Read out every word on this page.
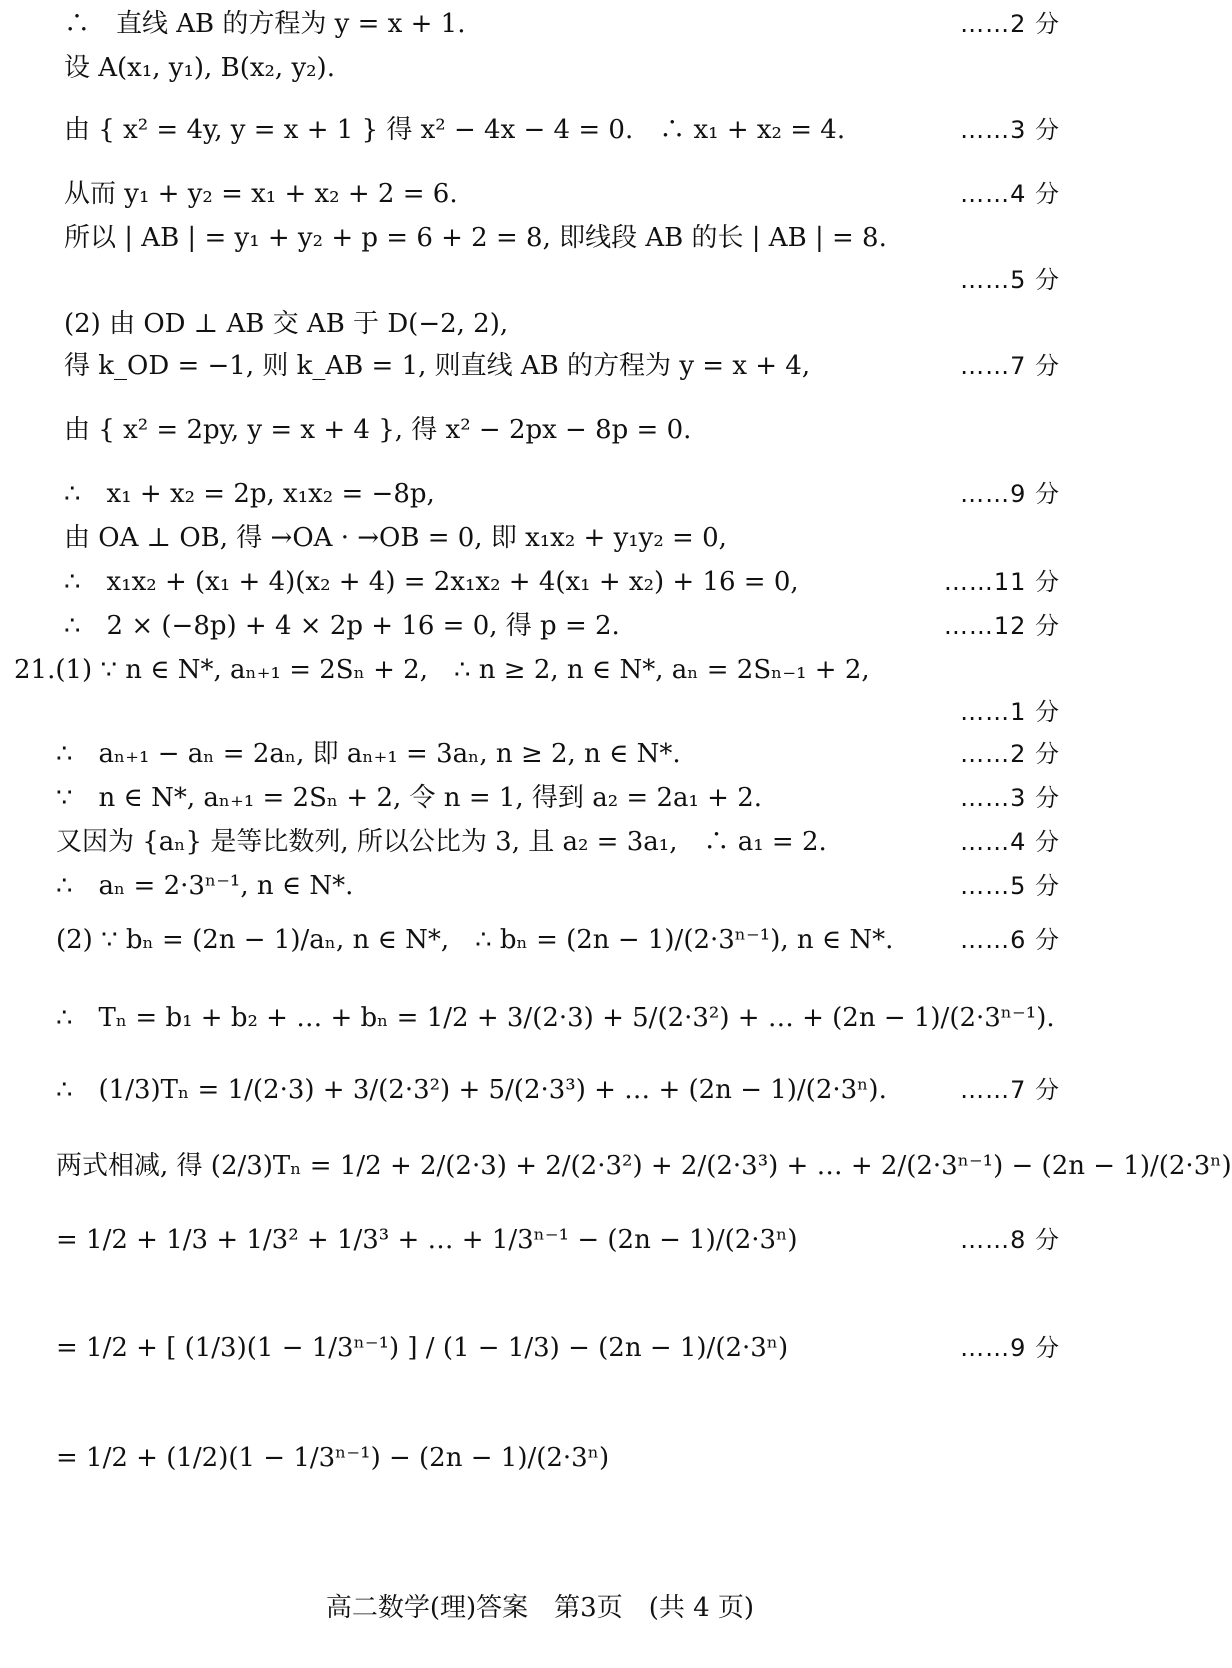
∴　直线 AB 的方程为 y = x + 1.	……2 分
设 A(x₁, y₁), B(x₂, y₂).
由 { x² = 4y, y = x + 1 } 得 x² − 4x − 4 = 0.　∴ x₁ + x₂ = 4.	……3 分
从而 y₁ + y₂ = x₁ + x₂ + 2 = 6.	……4 分
所以 | AB | = y₁ + y₂ + p = 6 + 2 = 8, 即线段 AB 的长 | AB | = 8.
……5 分
(2) 由 OD ⊥ AB 交 AB 于 D(−2, 2),
得 k_OD = −1, 则 k_AB = 1, 则直线 AB 的方程为 y = x + 4,	……7 分
由 { x² = 2py, y = x + 4 }, 得 x² − 2px − 8p = 0.
∴　x₁ + x₂ = 2p, x₁x₂ = −8p,	……9 分
由 OA ⊥ OB, 得 →OA · →OB = 0, 即 x₁x₂ + y₁y₂ = 0,
∴　x₁x₂ + (x₁ + 4)(x₂ + 4) = 2x₁x₂ + 4(x₁ + x₂) + 16 = 0,	……11 分
∴　2 × (−8p) + 4 × 2p + 16 = 0, 得 p = 2.	……12 分
21.(1) ∵ n ∈ N*, aₙ₊₁ = 2Sₙ + 2,　∴ n ≥ 2, n ∈ N*, aₙ = 2Sₙ₋₁ + 2,
……1 分
∴　aₙ₊₁ − aₙ = 2aₙ, 即 aₙ₊₁ = 3aₙ, n ≥ 2, n ∈ N*.	……2 分
∵　n ∈ N*, aₙ₊₁ = 2Sₙ + 2, 令 n = 1, 得到 a₂ = 2a₁ + 2.	……3 分
又因为 {aₙ} 是等比数列, 所以公比为 3, 且 a₂ = 3a₁,　∴ a₁ = 2.	……4 分
∴　aₙ = 2·3ⁿ⁻¹, n ∈ N*.	……5 分
(2) ∵ bₙ = (2n − 1)/aₙ, n ∈ N*,　∴ bₙ = (2n − 1)/(2·3ⁿ⁻¹), n ∈ N*.	……6 分
∴　Tₙ = b₁ + b₂ + … + bₙ = 1/2 + 3/(2·3) + 5/(2·3²) + … + (2n − 1)/(2·3ⁿ⁻¹).
∴　(1/3)Tₙ = 1/(2·3) + 3/(2·3²) + 5/(2·3³) + … + (2n − 1)/(2·3ⁿ).	……7 分
两式相减, 得 (2/3)Tₙ = 1/2 + 2/(2·3) + 2/(2·3²) + 2/(2·3³) + … + 2/(2·3ⁿ⁻¹) − (2n − 1)/(2·3ⁿ)
= 1/2 + 1/3 + 1/3² + 1/3³ + … + 1/3ⁿ⁻¹ − (2n − 1)/(2·3ⁿ)	……8 分
= 1/2 + [ (1/3)(1 − 1/3ⁿ⁻¹) ] / (1 − 1/3) − (2n − 1)/(2·3ⁿ)	……9 分
= 1/2 + (1/2)(1 − 1/3ⁿ⁻¹) − (2n − 1)/(2·3ⁿ)
高二数学(理)答案　第3页　(共 4 页)
